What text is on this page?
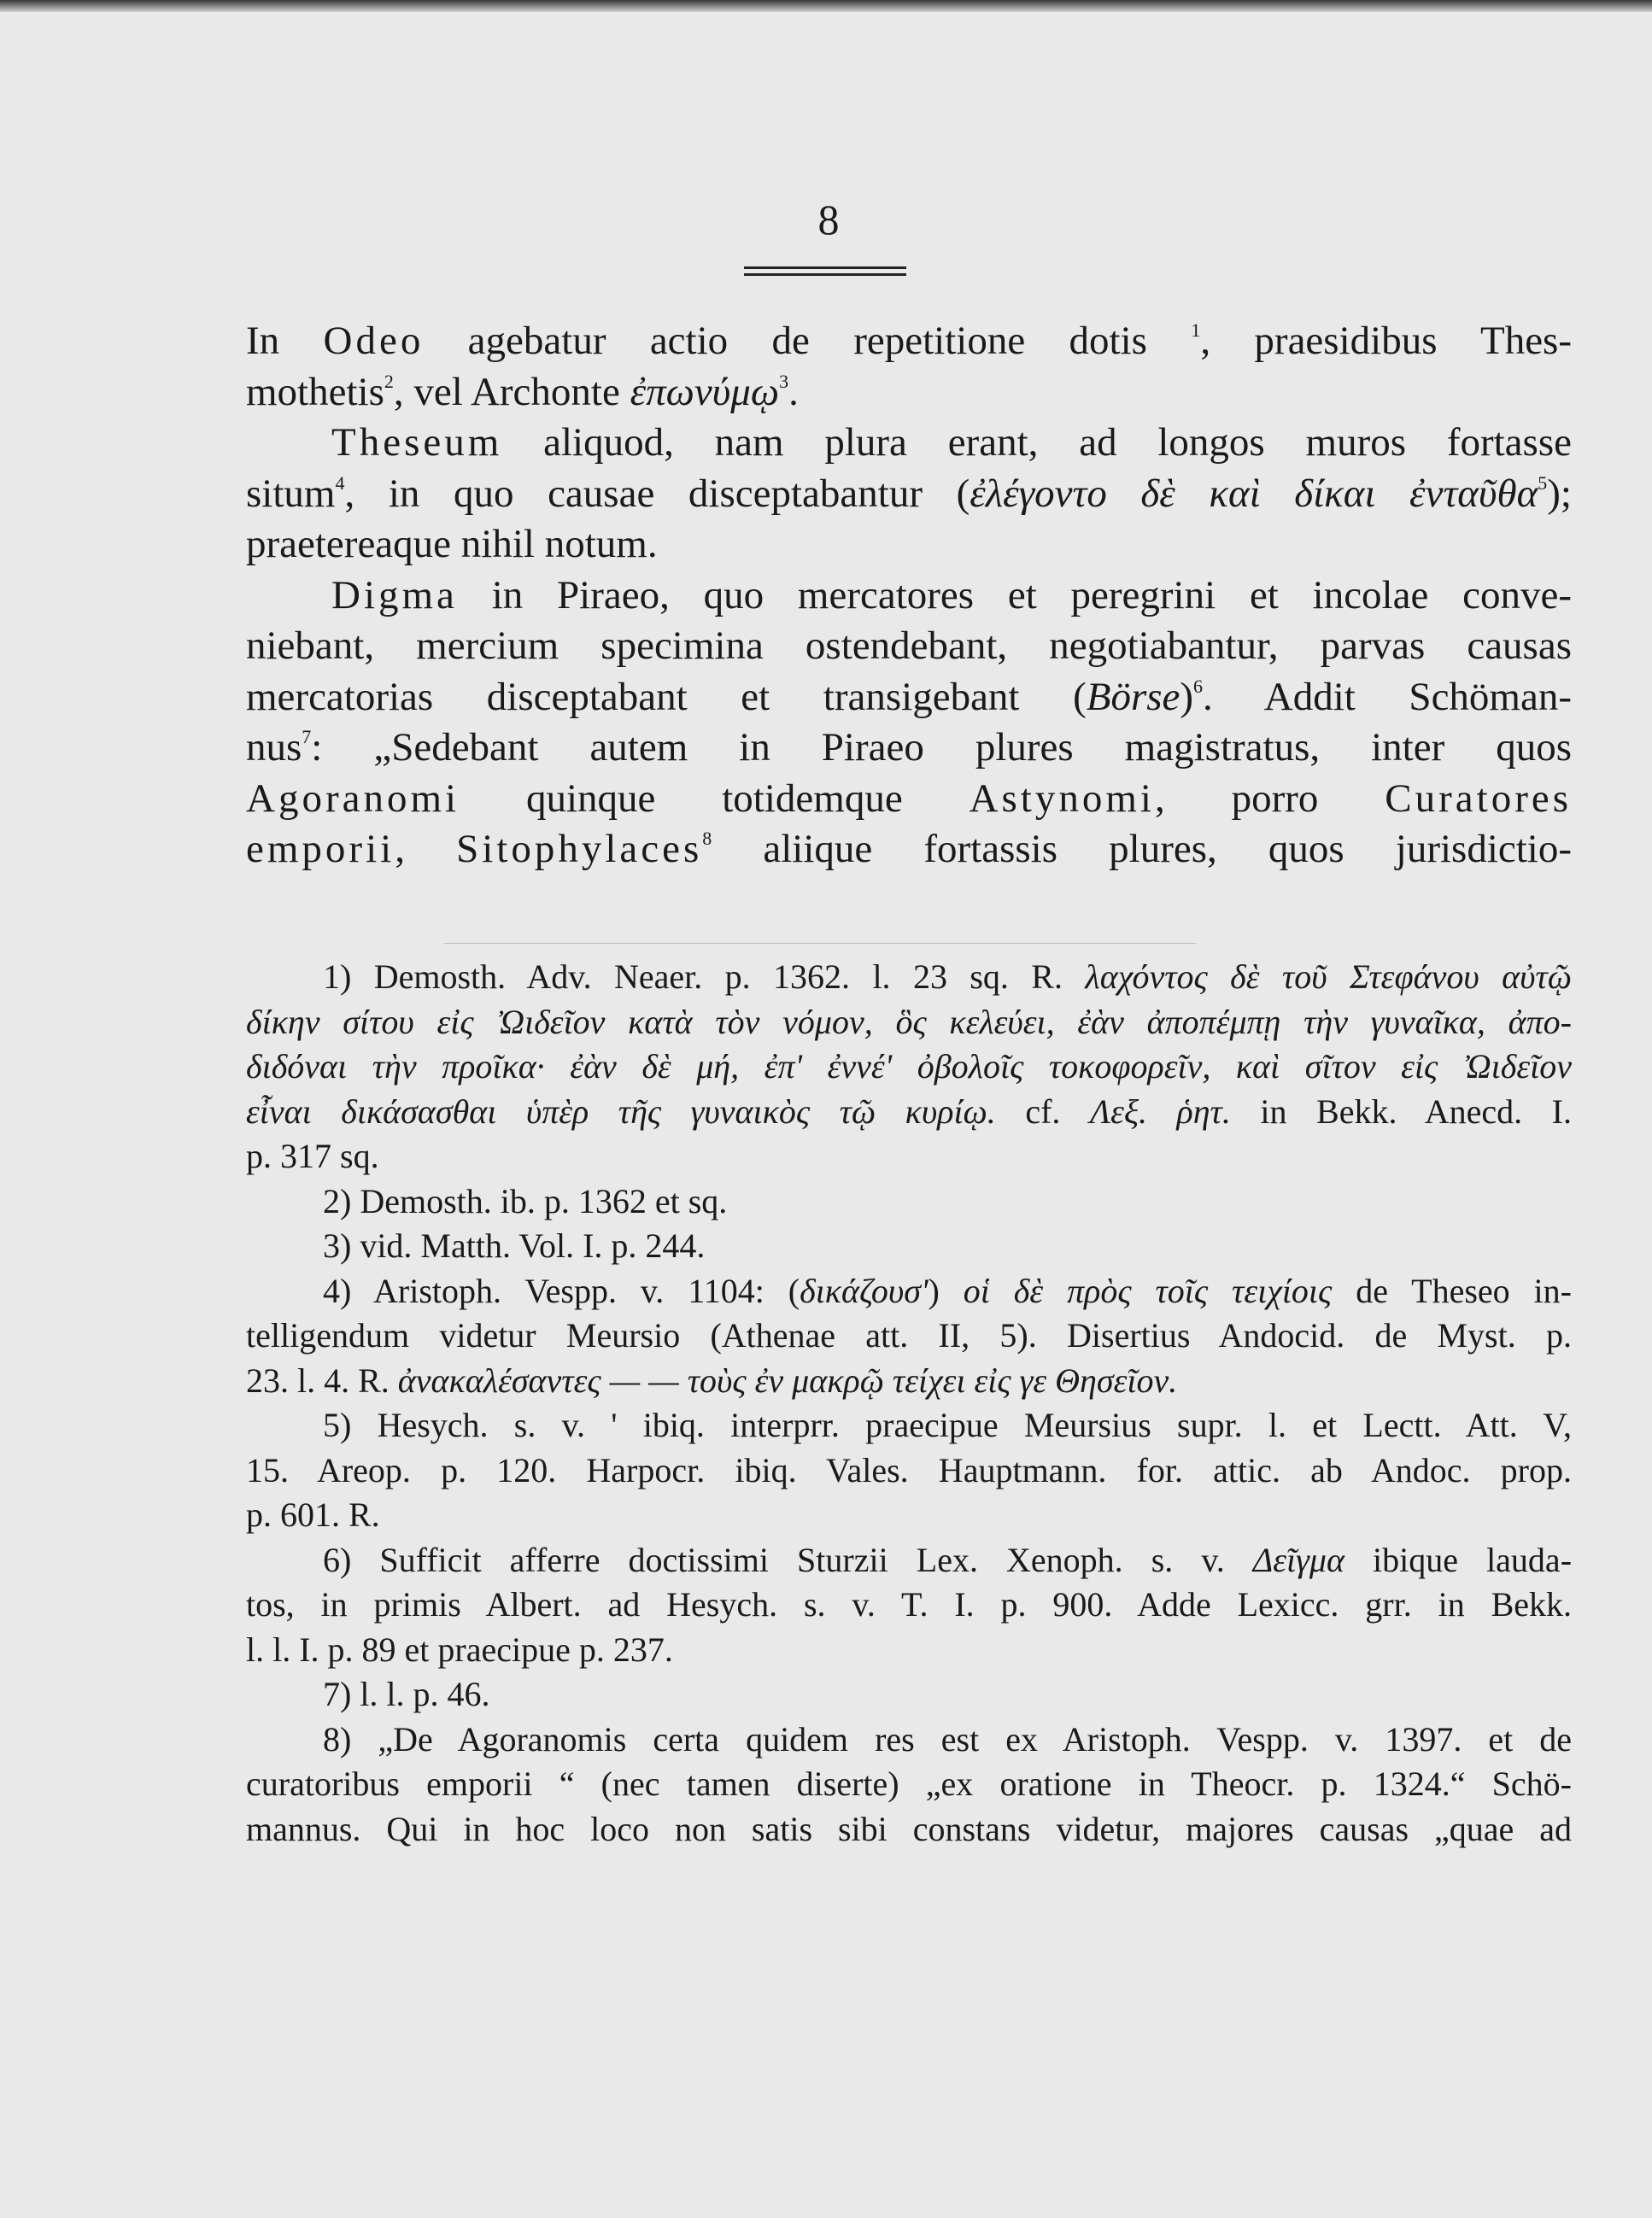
8
In Odeo agebatur actio de repetitione dotis $^1$, praesidibus Thes-
mothetis$^2$, vel Archonte ἐπωνύμῳ$^3$.
Theseum aliquod, nam plura erant, ad longos muros fortasse
situm$^4$, in quo causae disceptabantur (ἐλέγοντο δὲ καὶ δίκαι ἐνταῦθα$^5$);
praetereaque nihil notum.
Digma in Piraeo, quo mercatores et peregrini et incolae conve-
niebant, mercium specimina ostendebant, negotiabantur, parvas causas
mercatorias disceptabant et transigebant (Börse)$^6$. Addit Schöman-
nus$^7$: „Sedebant autem in Piraeo plures magistratus, inter quos
Agoranomi quinque totidemque Astynomi, porro Curatores
emporii, Sitophylaces$^8$ aliique fortassis plures, quos jurisdictio-
1) Demosth. Adv. Neaer. p. 1362. l. 23 sq. R. λαχόντος δὲ τοῦ Στεφάνου αὐτῷ
δίκην σίτου εἰς Ὠιδεῖον κατὰ τὸν νόμον, ὃς κελεύει, ἐὰν ἀποπέμπῃ τὴν γυναῖκα, ἀπο-
διδόναι τὴν προῖκα· ἐὰν δὲ μή, ἐπ' ἐννέ' ὀβολοῖς τοκοφορεῖν, καὶ σῖτον εἰς Ὠιδεῖον
εἶναι δικάσασθαι ὑπὲρ τῆς γυναικὸς τῷ κυρίῳ. cf. Λεξ. ῥητ. in Bekk. Anecd. I.
p. 317 sq.
2) Demosth. ib. p. 1362 et sq.
3) vid. Matth. Vol. I. p. 244.
4) Aristoph. Vespp. v. 1104: (δικάζουσ') οἱ δὲ πρὸς τοῖς τειχίοις de Theseo in-
telligendum videtur Meursio (Athenae att. II, 5). Disertius Andocid. de Myst. p.
23. l. 4. R. ἀνακαλέσαντες — — τοὺς ἐν μακρῷ τείχει εἰς γε Θησεῖον.
5) Hesych. s. v. ' ibiq. interprr. praecipue Meursius supr. l. et Lectt. Att. V,
15. Areop. p. 120. Harpocr. ibiq. Vales. Hauptmann. for. attic. ab Andoc. prop.
p. 601. R.
6) Sufficit afferre doctissimi Sturzii Lex. Xenoph. s. v. Δεῖγμα ibique lauda-
tos, in primis Albert. ad Hesych. s. v. T. I. p. 900. Adde Lexicc. grr. in Bekk.
l. l. I. p. 89 et praecipue p. 237.
7) l. l. p. 46.
8) „De Agoranomis certa quidem res est ex Aristoph. Vespp. v. 1397. et de
curatoribus emporii “ (nec tamen diserte) „ex oratione in Theocr. p. 1324.“ Schö-
mannus. Qui in hoc loco non satis sibi constans videtur, majores causas „quae ad
